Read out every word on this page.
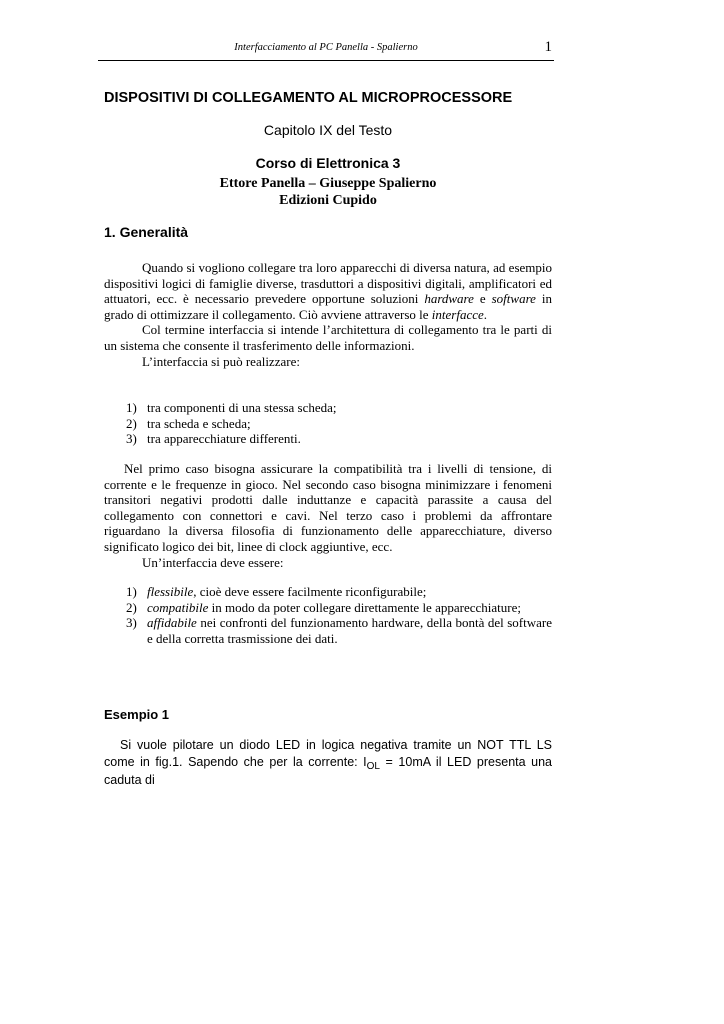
Interfacciamento al PC Panella - Spalierno	1
DISPOSITIVI DI COLLEGAMENTO AL MICROPROCESSORE
Capitolo IX del Testo
Corso di Elettronica 3
Ettore Panella – Giuseppe Spalierno
Edizioni Cupido
1. Generalità

Quando si vogliono collegare tra loro apparecchi di diversa natura, ad esempio dispositivi logici di famiglie diverse, trasduttori a dispositivi digitali, amplificatori ed attuatori, ecc. è necessario prevedere opportune soluzioni hardware e software in grado di ottimizzare il collegamento. Ciò avviene attraverso le interfacce.

Col termine interfaccia si intende l’architettura di collegamento tra le parti di un sistema che consente il trasferimento delle informazioni.

L’interfaccia si può realizzare:

1) tra componenti di una stessa scheda;
2) tra scheda e scheda;
3) tra apparecchiature differenti.

Nel primo caso bisogna assicurare la compatibilità tra i livelli di tensione, di corrente e le frequenze in gioco. Nel secondo caso bisogna minimizzare i fenomeni transitori negativi prodotti dalle induttanze e capacità parassite a causa del collegamento con connettori e cavi. Nel terzo caso i problemi da affrontare riguardano la diversa filosofia di funzionamento delle apparecchiature, diverso significato logico dei bit, linee di clock aggiuntive, ecc.

Un’interfaccia deve essere:

1) flessibile, cioè deve essere facilmente riconfigurabile;
2) compatibile in modo da poter collegare direttamente le apparecchiature;
3) affidabile nei confronti del funzionamento hardware, della bontà del software e della corretta trasmissione dei dati.
Esempio 1

Si vuole pilotare un diodo LED in logica negativa tramite un NOT TTL LS come in fig.1. Sapendo che per la corrente: $I_{OL} = 10mA$ il LED presenta una caduta di
